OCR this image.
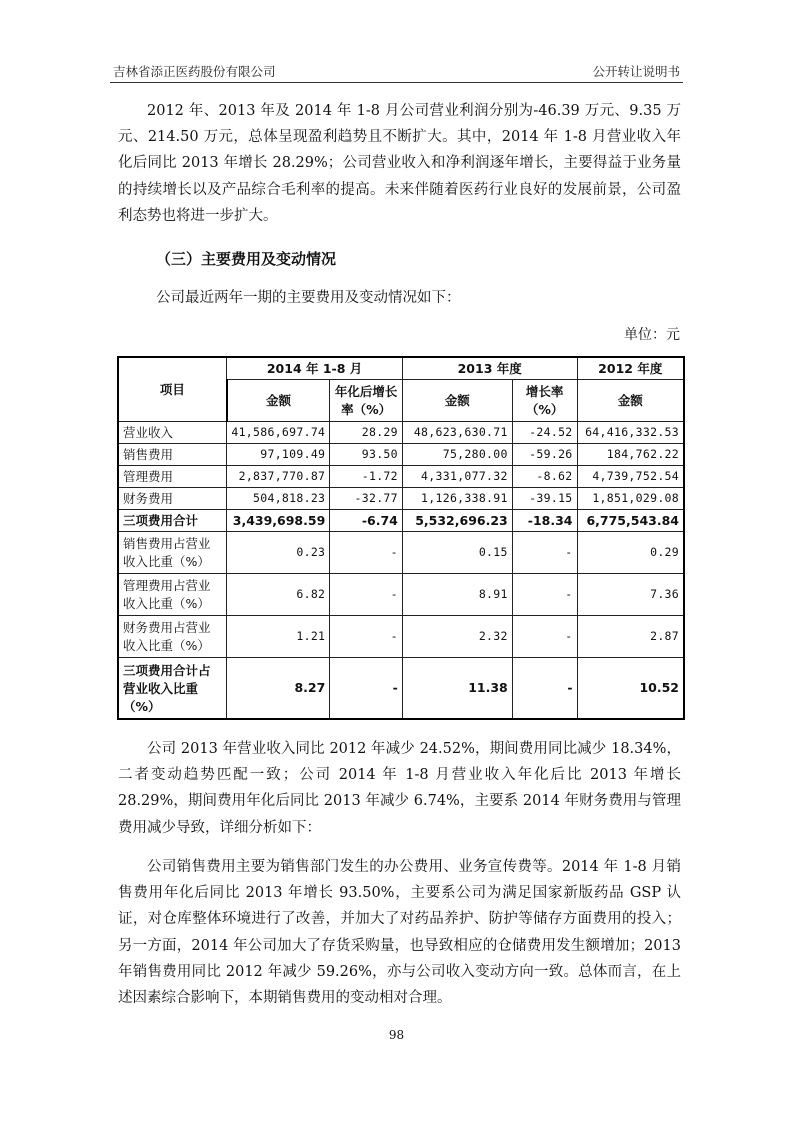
吉林省添正医药股份有限公司	公开转让说明书

2012 年、2013 年及 2014 年 1-8 月公司营业利润分别为-46.39 万元、9.35 万元、214.50 万元，总体呈现盈利趋势且不断扩大。其中，2014 年 1-8 月营业收入年化后同比 2013 年增长 28.29%；公司营业收入和净利润逐年增长，主要得益于业务量的持续增长以及产品综合毛利率的提高。未来伴随着医药行业良好的发展前景，公司盈利态势也将进一步扩大。

（三）主要费用及变动情况

公司最近两年一期的主要费用及变动情况如下：

单位：元

项目	2014 年 1-8 月		2013 年度		2012 年度
	金额	年化后增长率（%）	金额	增长率（%）	金额
营业收入	41,586,697.74	28.29	48,623,630.71	-24.52	64,416,332.53
销售费用	97,109.49	93.50	75,280.00	-59.26	184,762.22
管理费用	2,837,770.87	-1.72	4,331,077.32	-8.62	4,739,752.54
财务费用	504,818.23	-32.77	1,126,338.91	-39.15	1,851,029.08
三项费用合计	3,439,698.59	-6.74	5,532,696.23	-18.34	6,775,543.84
销售费用占营业收入比重（%）	0.23	-	0.15	-	0.29
管理费用占营业收入比重（%）	6.82	-	8.91	-	7.36
财务费用占营业收入比重（%）	1.21	-	2.32	-	2.87
三项费用合计占营业收入比重（%）	8.27	-	11.38	-	10.52

公司 2013 年营业收入同比 2012 年减少 24.52%，期间费用同比减少 18.34%，二者变动趋势匹配一致；公司 2014 年 1-8 月营业收入年化后比 2013 年增长 28.29%，期间费用年化后同比 2013 年减少 6.74%，主要系 2014 年财务费用与管理费用减少导致，详细分析如下：

公司销售费用主要为销售部门发生的办公费用、业务宣传费等。2014 年 1-8 月销售费用年化后同比 2013 年增长 93.50%，主要系公司为满足国家新版药品 GSP 认证，对仓库整体环境进行了改善，并加大了对药品养护、防护等储存方面费用的投入；另一方面，2014 年公司加大了存货采购量，也导致相应的仓储费用发生额增加；2013 年销售费用同比 2012 年减少 59.26%，亦与公司收入变动方向一致。总体而言，在上述因素综合影响下，本期销售费用的变动相对合理。

98
